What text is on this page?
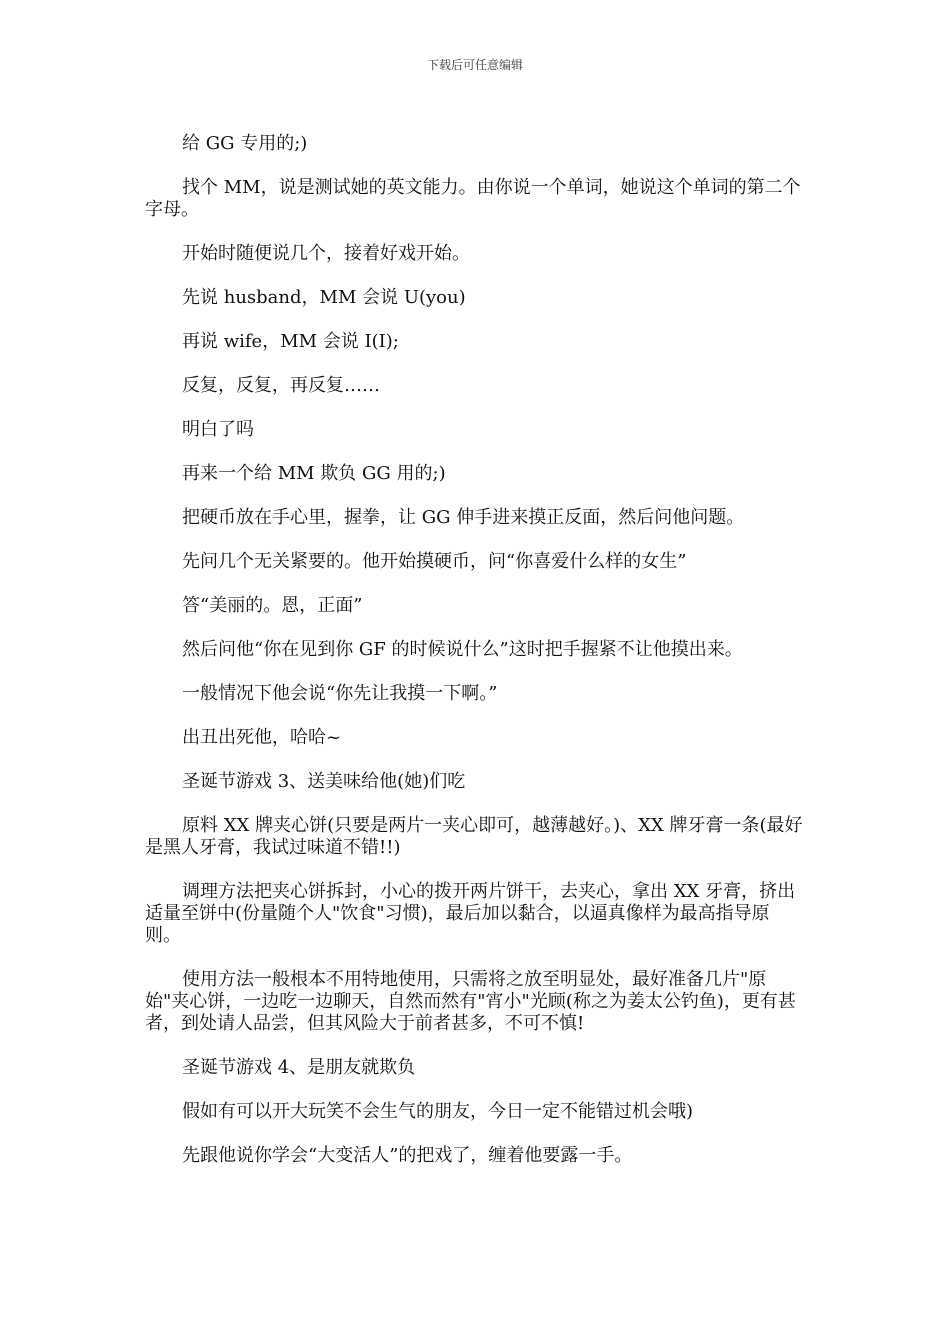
下载后可任意编辑

给 GG 专用的;)

找个 MM，说是测试她的英文能力。由你说一个单词，她说这个单词的第二个字母。

开始时随便说几个，接着好戏开始。

先说 husband，MM 会说 U(you)

再说 wife，MM 会说 I(I);

反复，反复，再反复……

明白了吗

再来一个给 MM 欺负 GG 用的;)

把硬币放在手心里，握拳，让 GG 伸手进来摸正反面，然后问他问题。

先问几个无关紧要的。他开始摸硬币，问“你喜爱什么样的女生”

答“美丽的。恩，正面”

然后问他“你在见到你 GF 的时候说什么”这时把手握紧不让他摸出来。

一般情况下他会说“你先让我摸一下啊。”

出丑出死他，哈哈~

圣诞节游戏 3、送美味给他(她)们吃

原料 XX 牌夹心饼(只要是两片一夹心即可，越薄越好。)、XX 牌牙膏一条(最好是黑人牙膏，我试过味道不错!!)

调理方法把夹心饼拆封，小心的拨开两片饼干，去夹心，拿出 XX 牙膏，挤出适量至饼中(份量随个人"饮食"习惯)，最后加以黏合，以逼真像样为最高指导原则。

使用方法一般根本不用特地使用，只需将之放至明显处，最好准备几片"原始"夹心饼，一边吃一边聊天，自然而然有"宵小"光顾(称之为姜太公钓鱼)，更有甚者，到处请人品尝，但其风险大于前者甚多，不可不慎!

圣诞节游戏 4、是朋友就欺负

假如有可以开大玩笑不会生气的朋友，今日一定不能错过机会哦)

先跟他说你学会“大变活人”的把戏了，缠着他要露一手。
